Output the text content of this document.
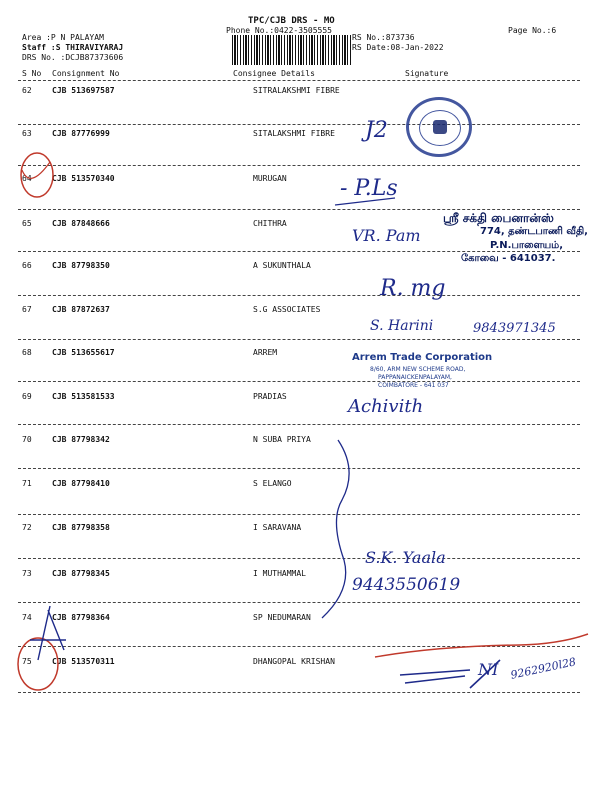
TPC/CJB DRS - MO
Phone No.:0422-3505555
Area :P N PALAYAM
Staff :S THIRAVIYARAJ
DRS No. :DCJB87373606
RS No.:873736
RS Date:08-Jan-2022
Page No.:6
S No Consignment No	Consignee Details	Signature
62	CJB 513697587	SITRALAKSHMI FIBRE
63	CJB 87776999	SITALAKSHMI FIBRE
64	CJB 513570340	MURUGAN
65	CJB 87848666	CHITHRA
66	CJB 87798350	A SUKUNTHALA
67	CJB 87872637	S.G ASSOCIATES
68	CJB 513655617	ARREM
69	CJB 513581533	PRADIAS
70	CJB 87798342	N SUBA PRIYA
71	CJB 87798410	S ELANGO
72	CJB 87798358	I SARAVANA
73	CJB 87798345	I MUTHAMMAL
74	CJB 87798364	SP NEDUMARAN
75	CJB 513570311	DHANGOPAL KRISHAN
ஸ்ரீ சக்தி பைனான்ஸ்
774, தண்டபாணி வீதி,
P.N.பாளையம்,
கோவை - 641037.
Arrem Trade Corporation
8/60, ARM NEW SCHEME ROAD,
PAPPANAICKENPALAYAM,
COIMBATORE - 641 037
J2
- P.Ls
VR. Pam
R. mg
S. Harini	9843971345
Achivith
S.K. Yaala
9443550619
NI 9262920l28
